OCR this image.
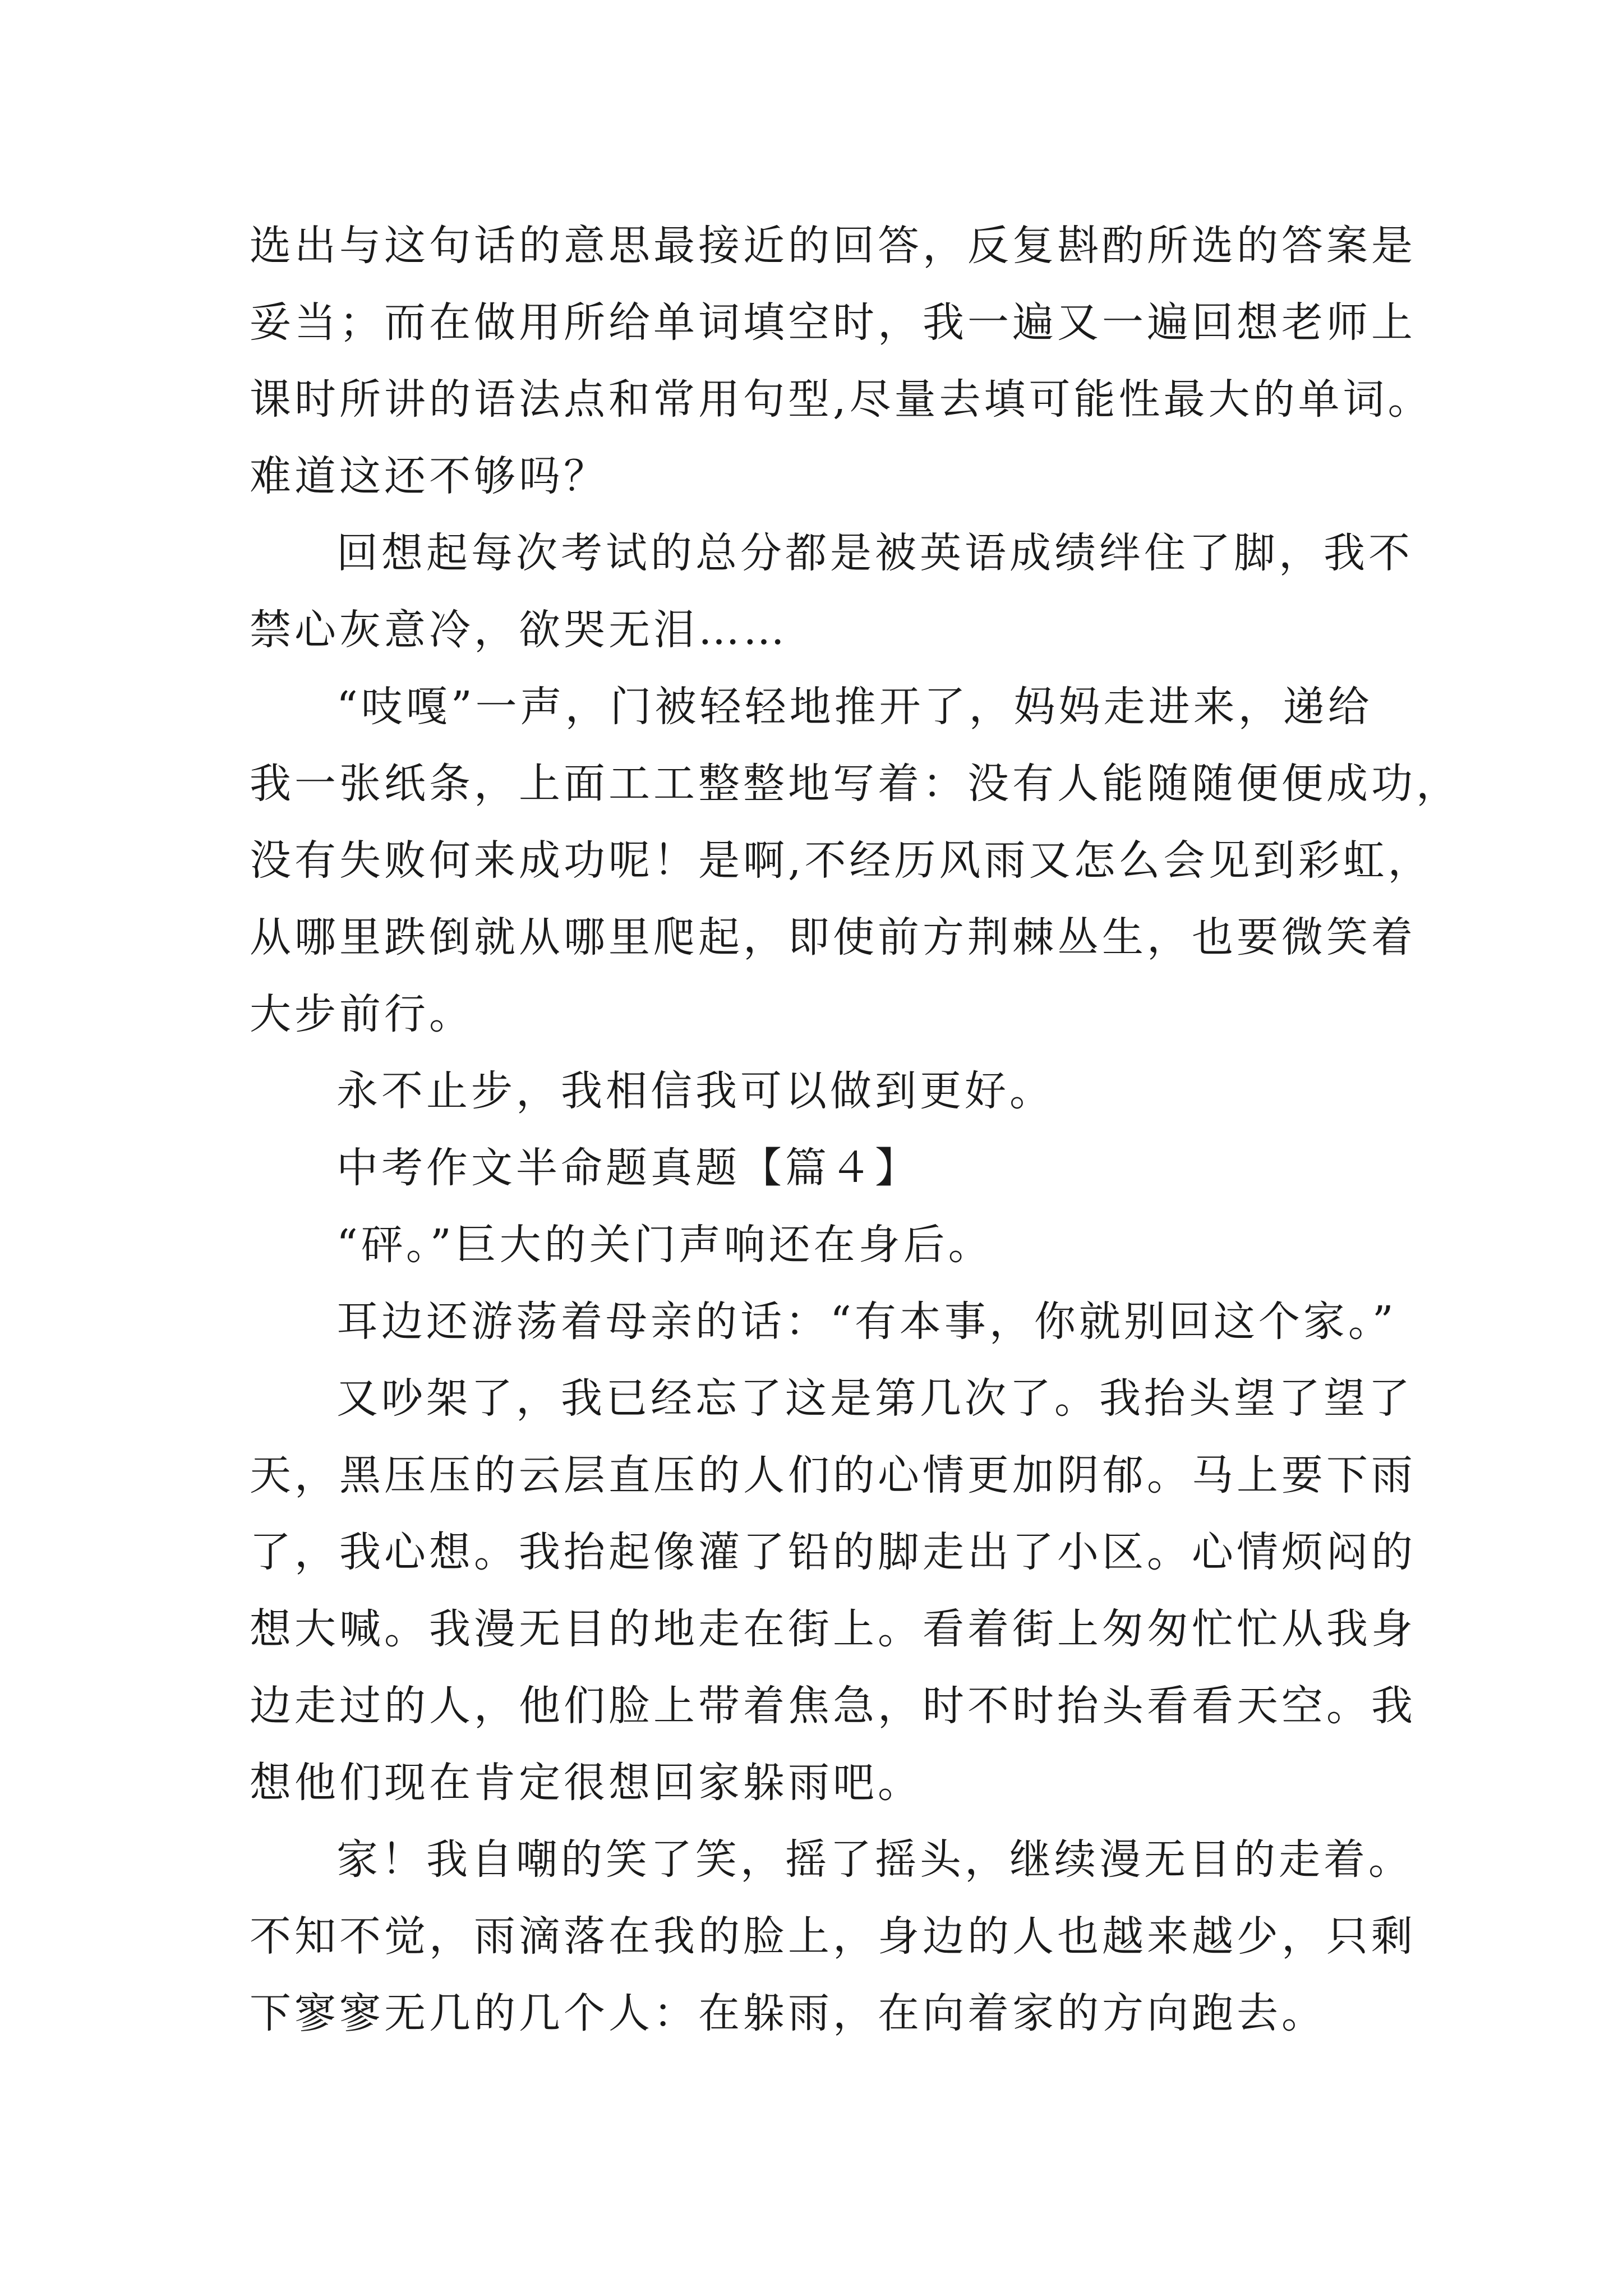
选出与这句话的意思最接近的回答，反复斟酌所选的答案是
妥当；而在做用所给单词填空时，我一遍又一遍回想老师上
课时所讲的语法点和常用句型,尽量去填可能性最大的单词。
难道这还不够吗？
回想起每次考试的总分都是被英语成绩绊住了脚，我不
禁心灰意冷，欲哭无泪……
“吱嘎”一声，门被轻轻地推开了，妈妈走进来，递给
我一张纸条，上面工工整整地写着：没有人能随随便便成功，
没有失败何来成功呢！是啊,不经历风雨又怎么会见到彩虹，
从哪里跌倒就从哪里爬起，即使前方荆棘丛生，也要微笑着
大步前行。
永不止步，我相信我可以做到更好。
中考作文半命题真题【篇４】
“砰。”巨大的关门声响还在身后。
耳边还游荡着母亲的话：“有本事，你就别回这个家。”
又吵架了，我已经忘了这是第几次了。我抬头望了望了
天，黑压压的云层直压的人们的心情更加阴郁。马上要下雨
了，我心想。我抬起像灌了铅的脚走出了小区。心情烦闷的
想大喊。我漫无目的地走在街上。看着街上匆匆忙忙从我身
边走过的人，他们脸上带着焦急，时不时抬头看看天空。我
想他们现在肯定很想回家躲雨吧。
家！我自嘲的笑了笑，摇了摇头，继续漫无目的走着。
不知不觉，雨滴落在我的脸上，身边的人也越来越少，只剩
下寥寥无几的几个人：在躲雨，在向着家的方向跑去。
